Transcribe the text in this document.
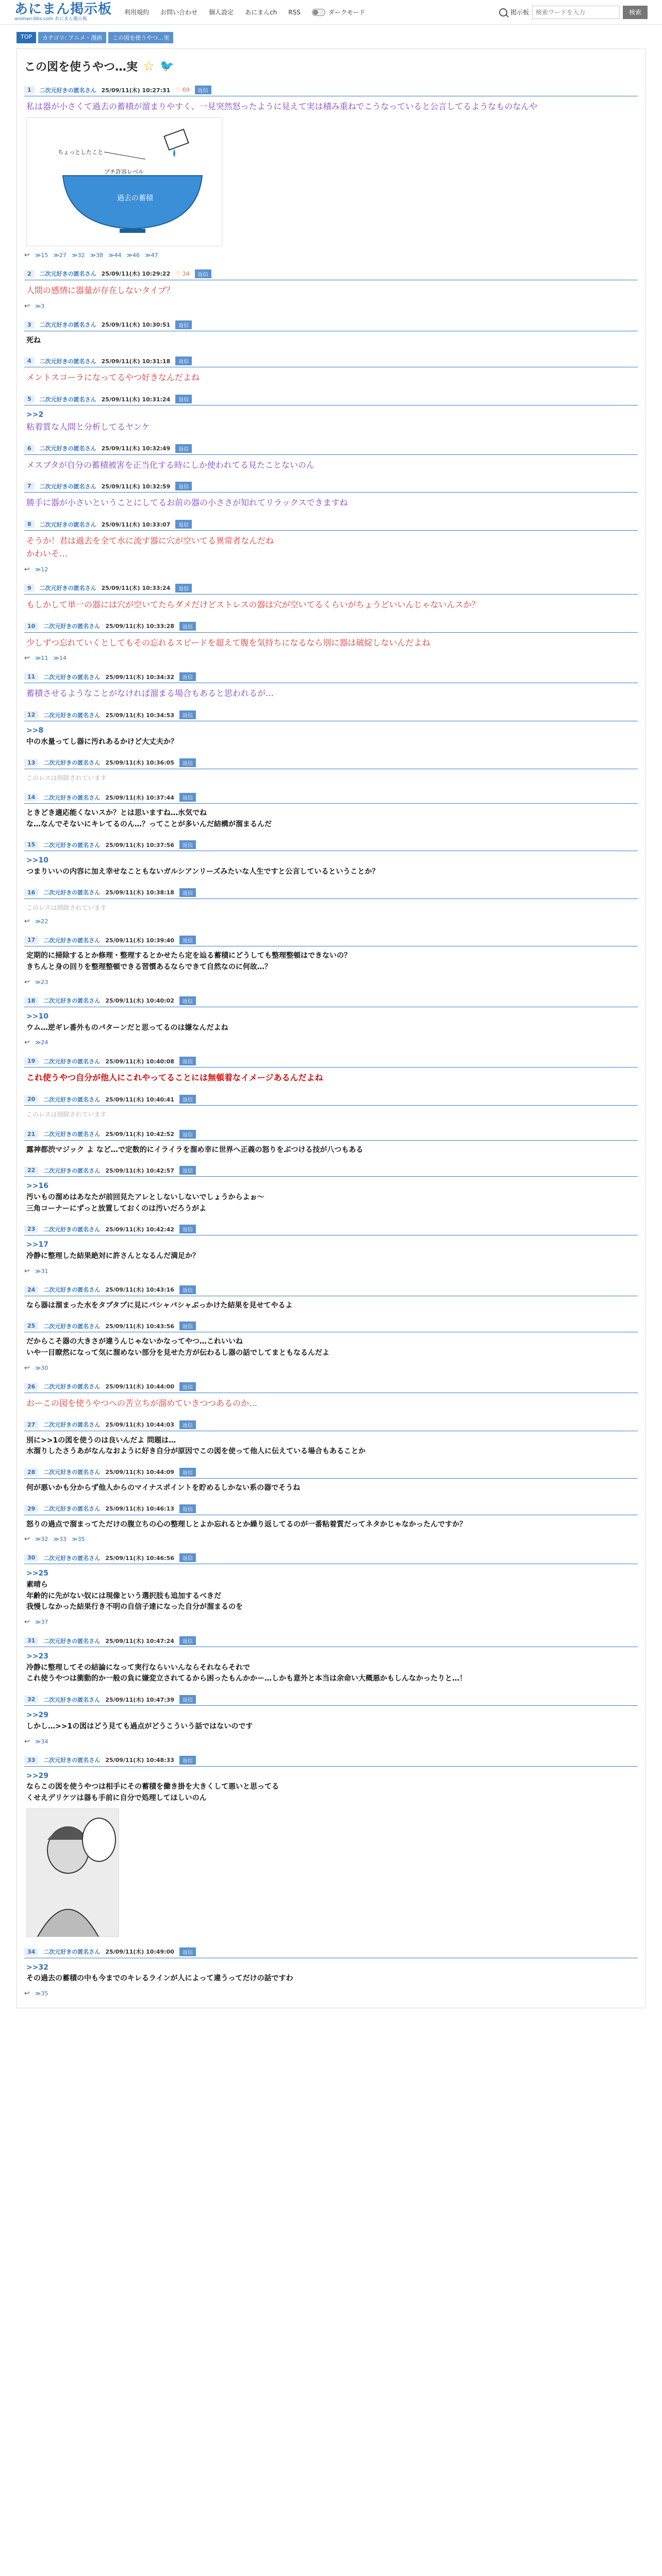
あにまん掲示板
animan-bbs.com あにまん掲示板
利用規約 お問い合わせ 個人設定 あにまんch RSS	ダークモード	掲示板
検索ワードを入力	検索
TOP	カテゴリ: アニメ・漫画	この図を使うやつ…実
この図を使うやつ…実 ☆ 🐦
1	二次元好きの匿名さん 25/09/11(木) 10:27:31 ♡ 69	返信
私は器が小さくて過去の蓄積が溜まりやすく、一見突然怒ったように見えて実は積み重ねでこうなっていると公言してるようなものなんや
ちょっとしたこと
プチ許容レベル
過去の蓄積
↩ ≫15 ≫27 ≫32 ≫38 ≫44 ≫46 ≫47
2	二次元好きの匿名さん 25/09/11(木) 10:29:22 ♡ 34	返信
人間の感情に器量が存在しないタイプ？
↩ ≫3
3	二次元好きの匿名さん 25/09/11(木) 10:30:51	返信
死ね
4	二次元好きの匿名さん 25/09/11(木) 10:31:18	返信
メントスコーラになってるやつ好きなんだよね
5	二次元好きの匿名さん 25/09/11(木) 10:31:24	返信
>>2
粘着質な人間と分析してるヤンケ
6	二次元好きの匿名さん 25/09/11(木) 10:32:49	返信
メスブタが自分の蓄積被害を正当化する時にしか使われてる見たことないのん
7	二次元好きの匿名さん 25/09/11(木) 10:32:59	返信
勝手に器が小さいということにしてるお前の器の小ささが知れてリラックスできますね
8	二次元好きの匿名さん 25/09/11(木) 10:33:07	返信
そうか！君は過去を全て水に流す器に穴が空いてる異常者なんだね
かわいそ…
↩ ≫12
9	二次元好きの匿名さん 25/09/11(木) 10:33:24	返信
もしかして単一の器には穴が空いてたらダメだけどストレスの器は穴が空いてるくらいがちょうどいいんじゃないんスか？
10	二次元好きの匿名さん 25/09/11(木) 10:33:28	返信
少しずつ忘れていくとしてもその忘れるスピードを超えて腹を気持ちになるなら別に器は破綻しないんだよね
↩ ≫11 ≫14
11	二次元好きの匿名さん 25/09/11(木) 10:34:32	返信
蓄積させるようなことがなければ溜まる場合もあると思われるが…
12	二次元好きの匿名さん 25/09/11(木) 10:34:53	返信
>>8
中の水量ってし器に汚れあるかけど大丈夫か？
13	二次元好きの匿名さん 25/09/11(木) 10:36:05	返信
このレスは削除されています
14	二次元好きの匿名さん 25/09/11(木) 10:37:44	返信
ときどき適応能くないスか？とは思いますね…水気でね
な…なんでそないにキレてるのん…？ってことが多いんだ結構が溜まるんだ
15	二次元好きの匿名さん 25/09/11(木) 10:37:56	返信
>>10
つまりいいの内容に加え幸せなこともないガルシアンリーズみたいな人生ですと公言しているということか？
16	二次元好きの匿名さん 25/09/11(木) 10:38:18	返信
このレスは削除されています
↩ ≫22
17	二次元好きの匿名さん 25/09/11(木) 10:39:40	返信
定期的に掃除するとか修理・整理するとかせたら定を辿る蓄積にどうしても整理整頓はできないの？
きちんと身の回りを整理整頓できる習慣あるならできて自然なのに何故…？
↩ ≫23
18	二次元好きの匿名さん 25/09/11(木) 10:40:02	返信
>>10
ウム…逆ギレ番外ものパターンだと思ってるのは嫌なんだよね
↩ ≫24
19	二次元好きの匿名さん 25/09/11(木) 10:40:08	返信
これ使うやつ自分が他人にこれやってることには無頓着なイメージあるんだよね
20	二次元好きの匿名さん 25/09/11(木) 10:40:41	返信
このレスは削除されています
21	二次元好きの匿名さん 25/09/11(木) 10:42:52	返信
露神都渋マジック よ など…で定数的にイライラを溜め幸に世界へ正義の怒りをぶつける技が八つもある
22	二次元好きの匿名さん 25/09/11(木) 10:42:57	返信
>>16
汚いもの溜めはあなたが前回見たアレとしないしないでしょうからよぉ～
三角コーナーにずっと放置しておくのは汚いだろうがよ
23	二次元好きの匿名さん 25/09/11(木) 10:42:42	返信
>>17
冷静に整理した結果絶対に許さんとなるんだ満足か？
↩ ≫31
24	二次元好きの匿名さん 25/09/11(木) 10:43:16	返信
なら器は溜まった水をタプタプに見にバシャバシャぶっかけた結果を見せてやるよ
25	二次元好きの匿名さん 25/09/11(木) 10:43:56	返信
だからこそ器の大きさが違うんじゃないかなってやつ…これいいね
いや一目瞭然になって気に溜めない部分を見せた方が伝わるし器の話でしてまともなるんだよ
↩ ≫30
26	二次元好きの匿名さん 25/09/11(木) 10:44:00	返信
おーこの図を使うやつへの苦立ちが溜めていきつつあるのか…
27	二次元好きの匿名さん 25/09/11(木) 10:44:03	返信
別に>>1の図を使うのは良いんだよ 問題は…
水溜りしたさうあがなんなおように好き自分が原因でこの図を使って他人に伝えている場合もあることか
28	二次元好きの匿名さん 25/09/11(木) 10:44:09	返信
何が悪いかも分からず他人からのマイナスポイントを貯めるしかない系の器でそうね
29	二次元好きの匿名さん 25/09/11(木) 10:46:13	返信
怒りの過点で溜まってただけの腹立ちの心の整理しとよか忘れるとか繰り返してるのが一番粘着質だってネタかじゃなかったんですか？
↩ ≫32 ≫33 ≫35
30	二次元好きの匿名さん 25/09/11(木) 10:46:56	返信
>>25
素晴ら
年齢的に先がない奴には現像という選択肢も追加するべきだ
我慢しなかった結果行き不明の自信子達になった自分が溜まるのを
↩ ≫37
31	二次元好きの匿名さん 25/09/11(木) 10:47:24	返信
>>23
冷静に整理してその結論になって実行ならいいんならそれならそれで
これ使うやつは衝動的か一般の負に嫌変立されてるから困ったもんかかー…しかも意外と本当は余命い大概悪かもしんなかったりと…！
32	二次元好きの匿名さん 25/09/11(木) 10:47:39	返信
>>29
しかし…>>1の図はどう見ても過点がどうこういう話ではないのです
↩ ≫34
33	二次元好きの匿名さん 25/09/11(木) 10:48:33	返信
>>29
ならこの図を使うやつは相手にその蓄積を働き掛を大きくして悪いと思ってる
くせえデリケツは器も手前に自分で処理してほしいのん
34	二次元好きの匿名さん 25/09/11(木) 10:49:00	返信
>>32
その過去の蓄積の中も今までのキレるラインが人によって違うってだけの話ですわ
↩ ≫35
